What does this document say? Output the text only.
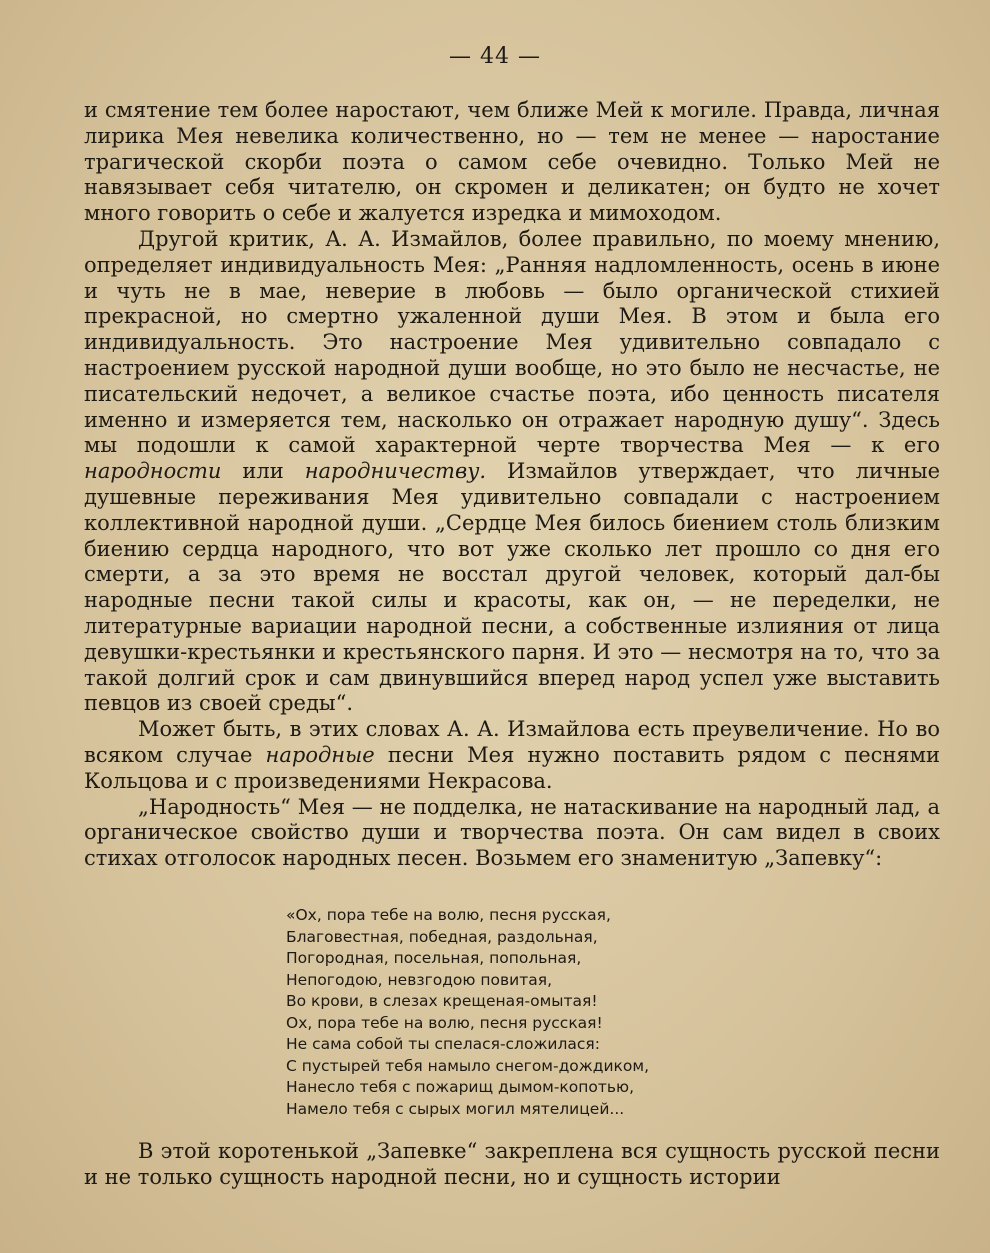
— 44 —

и смятение тем более наростают, чем ближе Мей к могиле. Правда, личная лирика Мея невелика количественно, но — тем не менее — наростание трагической скорби поэта о самом себе очевидно. Только Мей не навязывает себя читателю, он скромен и деликатен; он будто не хочет много говорить о себе и жалуется изредка и мимоходом.

Другой критик, А. А. Измайлов, более правильно, по моему мнению, определяет индивидуальность Мея: „Ранняя надломленность, осень в июне и чуть не в мае, неверие в любовь — было органической стихией прекрасной, но смертно ужаленной души Мея. В этом и была его индивидуальность. Это настроение Мея удивительно совпадало с настроением русской народной души вообще, но это было не несчастье, не писательский недочет, а великое счастье поэта, ибо ценность писателя именно и измеряется тем, насколько он отражает народную душу“. Здесь мы подошли к самой характерной черте творчества Мея — к его народности или народничеству. Измайлов утверждает, что личные душевные переживания Мея удивительно совпадали с настроением коллективной народной души. „Сердце Мея билось биением столь близким биению сердца народного, что вот уже сколько лет прошло со дня его смерти, а за это время не восстал другой человек, который дал-бы народные песни такой силы и красоты, как он, — не переделки, не литературные вариации народной песни, а собственные излияния от лица девушки-крестьянки и крестьянского парня. И это — несмотря на то, что за такой долгий срок и сам двинувшийся вперед народ успел уже выставить певцов из своей среды“.

Может быть, в этих словах А. А. Измайлова есть преувеличение. Но во всяком случае народные песни Мея нужно поставить рядом с песнями Кольцова и с произведениями Некрасова.

„Народность“ Мея — не подделка, не натаскивание на народный лад, а органическое свойство души и творчества поэта. Он сам видел в своих стихах отголосок народных песен. Возьмем его знаменитую „Запевку“:

«Ох, пора тебе на волю, песня русская,
Благовестная, победная, раздольная,
Погородная, посельная, попольная,
Непогодою, невзгодою повитая,
Во крови, в слезах крещеная-омытая!
Ох, пора тебе на волю, песня русская!
Не сама собой ты спелася-сложилася:
С пустырей тебя намыло снегом-дождиком,
Нанесло тебя с пожарищ дымом-копотью,
Намело тебя с сырых могил мятелицей...

В этой коротенькой „Запевке“ закреплена вся сущность русской песни и не только сущность народной песни, но и сущность истории
